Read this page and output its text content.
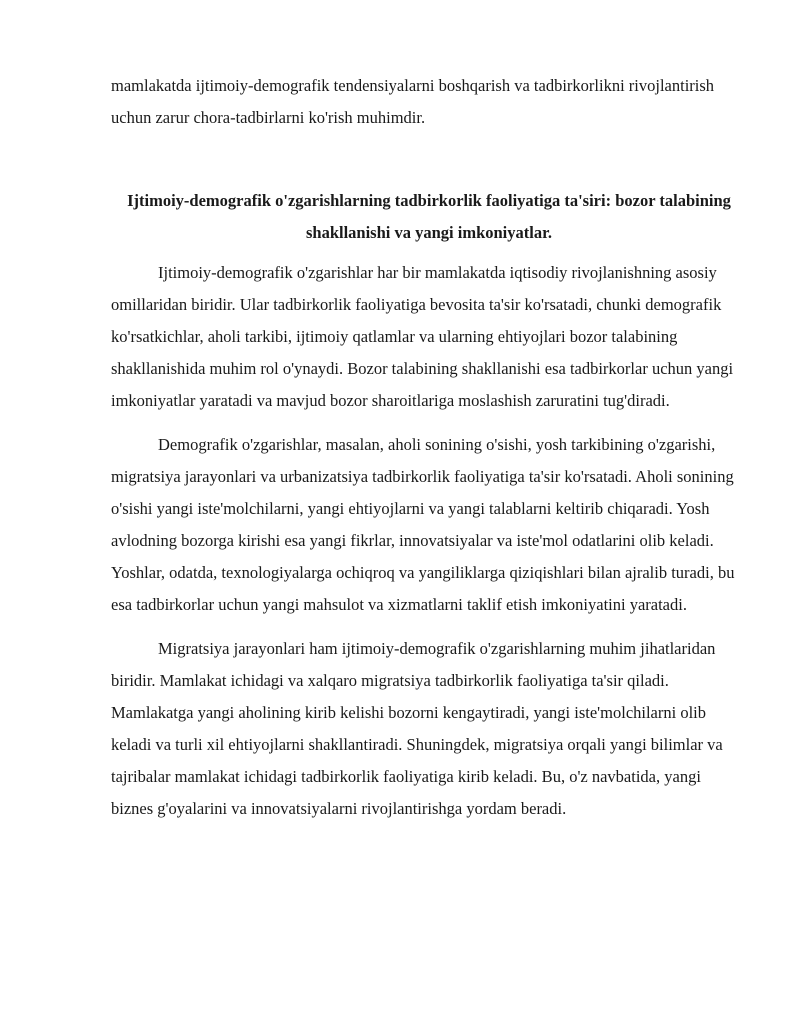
mamlakatda ijtimoiy-demografik tendensiyalarni boshqarish va tadbirkorlikni rivojlantirish uchun zarur chora-tadbirlarni ko'rish muhimdir.

Ijtimoiy-demografik o'zgarishlarning tadbirkorlik faoliyatiga ta'siri: bozor talabining shakllanishi va yangi imkoniyatlar.

Ijtimoiy-demografik o'zgarishlar har bir mamlakatda iqtisodiy rivojlanishning asosiy omillaridan biridir. Ular tadbirkorlik faoliyatiga bevosita ta'sir ko'rsatadi, chunki demografik ko'rsatkichlar, aholi tarkibi, ijtimoiy qatlamlar va ularning ehtiyojlari bozor talabining shakllanishida muhim rol o'ynaydi. Bozor talabining shakllanishi esa tadbirkorlar uchun yangi imkoniyatlar yaratadi va mavjud bozor sharoitlariga moslashish zaruratini tug'diradi.

Demografik o'zgarishlar, masalan, aholi sonining o'sishi, yosh tarkibining o'zgarishi, migratsiya jarayonlari va urbanizatsiya tadbirkorlik faoliyatiga ta'sir ko'rsatadi. Aholi sonining o'sishi yangi iste'molchilarni, yangi ehtiyojlarni va yangi talablarni keltirib chiqaradi. Yosh avlodning bozorga kirishi esa yangi fikrlar, innovatsiyalar va iste'mol odatlarini olib keladi. Yoshlar, odatda, texnologiyalarga ochiqroq va yangiliklarga qiziqishlari bilan ajralib turadi, bu esa tadbirkorlar uchun yangi mahsulot va xizmatlarni taklif etish imkoniyatini yaratadi.

Migratsiya jarayonlari ham ijtimoiy-demografik o'zgarishlarning muhim jihatlaridan biridir. Mamlakat ichidagi va xalqaro migratsiya tadbirkorlik faoliyatiga ta'sir qiladi. Mamlakatga yangi aholining kirib kelishi bozorni kengaytiradi, yangi iste'molchilarni olib keladi va turli xil ehtiyojlarni shakllantiradi. Shuningdek, migratsiya orqali yangi bilimlar va tajribalar mamlakat ichidagi tadbirkorlik faoliyatiga kirib keladi. Bu, o'z navbatida, yangi biznes g'oyalarini va innovatsiyalarni rivojlantirishga yordam beradi.
